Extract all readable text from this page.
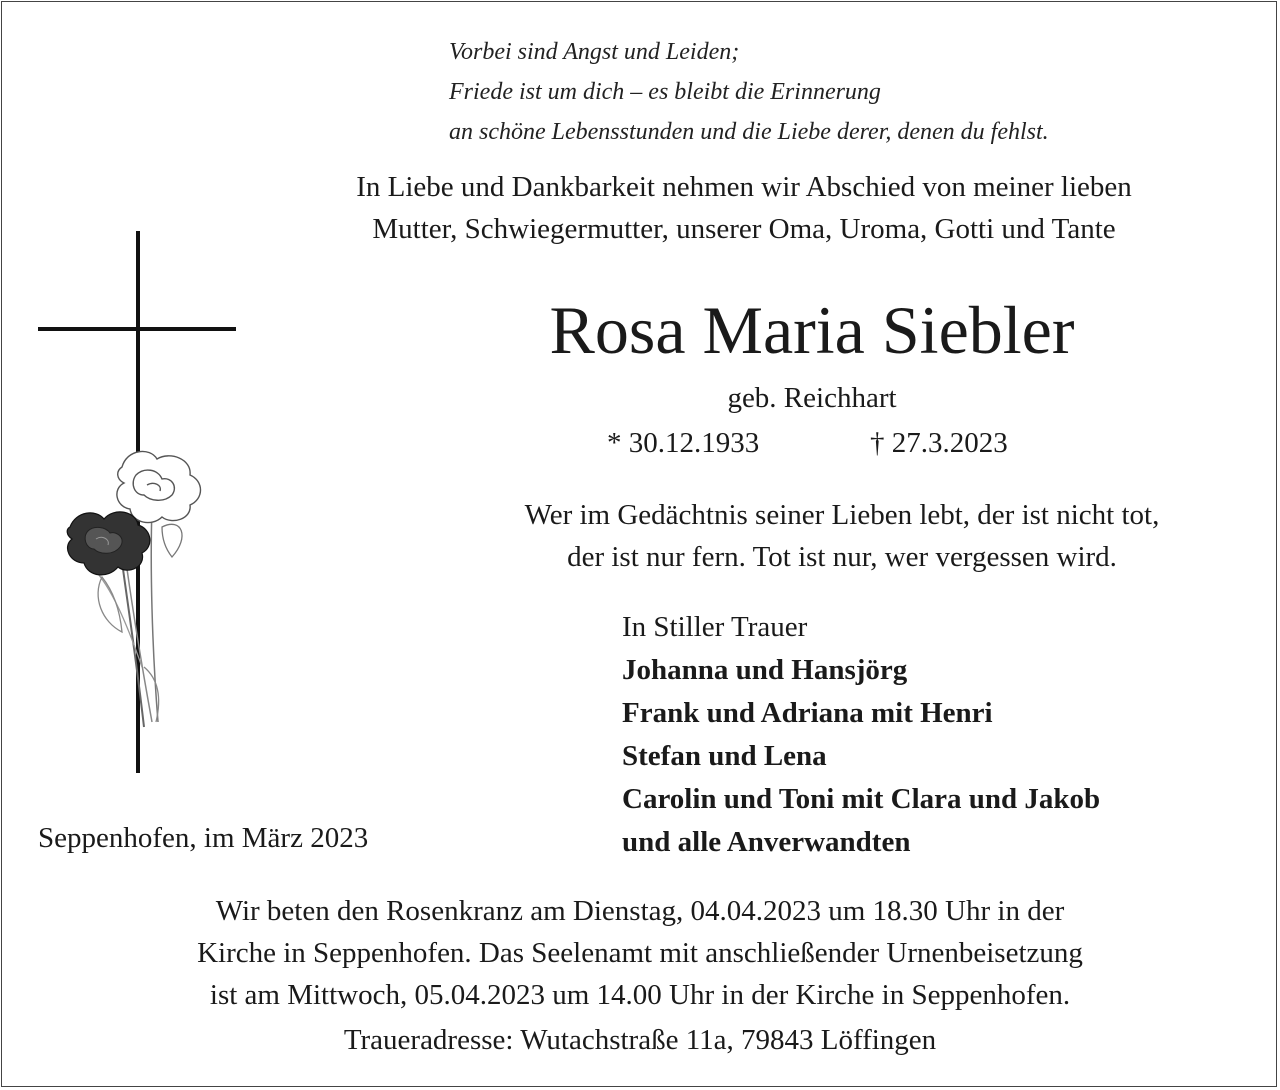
Vorbei sind Angst und Leiden;
Friede ist um dich – es bleibt die Erinnerung
an schöne Lebensstunden und die Liebe derer, denen du fehlst.
In Liebe und Dankbarkeit nehmen wir Abschied von meiner lieben
Mutter, Schwiegermutter, unserer Oma, Uroma, Gotti und Tante
Rosa Maria Siebler
geb. Reichhart
* 30.12.1933	† 27.3.2023
Wer im Gedächtnis seiner Lieben lebt, der ist nicht tot,
der ist nur fern. Tot ist nur, wer vergessen wird.
In Stiller Trauer
Johanna und Hansjörg
Frank und Adriana mit Henri
Stefan und Lena
Carolin und Toni mit Clara und Jakob
und alle Anverwandten
Seppenhofen, im März 2023
Wir beten den Rosenkranz am Dienstag, 04.04.2023 um 18.30 Uhr in der
Kirche in Seppenhofen. Das Seelenamt mit anschließender Urnenbeisetzung
ist am Mittwoch, 05.04.2023 um 14.00 Uhr in der Kirche in Seppenhofen.
Traueradresse: Wutachstraße 11a, 79843 Löffingen
